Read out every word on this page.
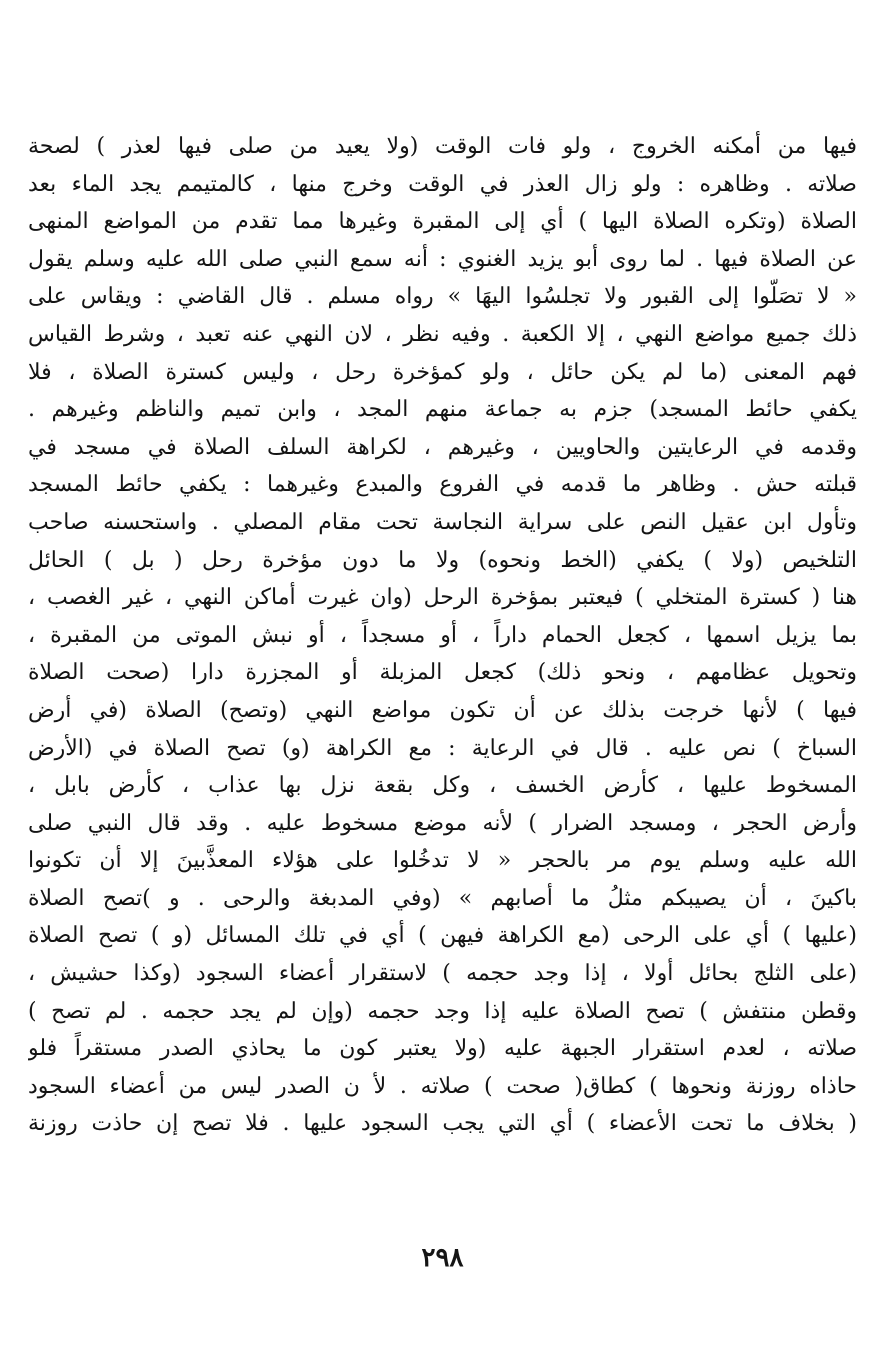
فيها من أمكنه الخروج ، ولو فات الوقت (ولا يعيد من صلى فيها لعذر ) لصحة
صلاته . وظاهره : ولو زال العذر في الوقت وخرج منها ، كالمتيمم يجد الماء بعد
الصلاة (وتكره الصلاة اليها ) أي إلى المقبرة وغيرها مما تقدم من المواضع المنهى
عن الصلاة فيها . لما روى أبو يزيد الغنوي : أنه سمع النبي صلى الله عليه وسلم يقول
« لا تصَلّوا إلى القبور ولا تجلسُوا اليهَا » رواه مسلم . قال القاضي : ويقاس على
ذلك جميع مواضع النهي ، إلا الكعبة . وفيه نظر ، لان النهي عنه تعبد ، وشرط القياس
فهم المعنى (ما لم يكن حائل ، ولو كمؤخرة رحل ، وليس كسترة الصلاة ، فلا
يكفي حائط المسجد) جزم به جماعة منهم المجد ، وابن تميم والناظم وغيرهم .
وقدمه في الرعايتين والحاويين ، وغيرهم ، لكراهة السلف الصلاة في مسجد في
قبلته حش . وظاهر ما قدمه في الفروع والمبدع وغيرهما : يكفي حائط المسجد
وتأول ابن عقيل النص على سراية النجاسة تحت مقام المصلي . واستحسنه صاحب
التلخيص (ولا ) يكفي (الخط ونحوه) ولا ما دون مؤخرة رحل ( بل ) الحائل
هنا ( كسترة المتخلي ) فيعتبر بمؤخرة الرحل (وان غيرت أماكن النهي ، غير الغصب ،
بما يزيل اسمها ، كجعل الحمام داراً ، أو مسجداً ، أو نبش الموتى من المقبرة ،
وتحويل عظامهم ، ونحو ذلك) كجعل المزبلة أو المجزرة دارا (صحت الصلاة
فيها ) لأنها خرجت بذلك عن أن تكون مواضع النهي (وتصح) الصلاة (في أرض
السباخ ) نص عليه . قال في الرعاية : مع الكراهة (و) تصح الصلاة في (الأرض
المسخوط عليها ، كأرض الخسف ، وكل بقعة نزل بها عذاب ، كأرض بابل ،
وأرض الحجر ، ومسجد الضرار ) لأنه موضع مسخوط عليه . وقد قال النبي صلى
الله عليه وسلم يوم مر بالحجر « لا تدخُلوا على هؤلاء المعذَّبينَ إلا أن تكونوا
باكينَ ، أن يصيبكم مثلُ ما أصابهم » (وفي المدبغة والرحى . و )تصح الصلاة
(عليها ) أي على الرحى (مع الكراهة فيهن ) أي في تلك المسائل (و ) تصح الصلاة
(على الثلج بحائل أولا ، إذا وجد حجمه ) لاستقرار أعضاء السجود (وكذا حشيش ،
وقطن منتفش ) تصح الصلاة عليه إذا وجد حجمه (وإن لم يجد حجمه . لم تصح )
صلاته ، لعدم استقرار الجبهة عليه (ولا يعتبر كون ما يحاذي الصدر مستقراً فلو
حاذاه روزنة ونحوها ) كطاق( صحت ) صلاته . لأ ن الصدر ليس من أعضاء السجود
( بخلاف ما تحت الأعضاء ) أي التي يجب السجود عليها . فلا تصح إن حاذت روزنة
٢٩٨
